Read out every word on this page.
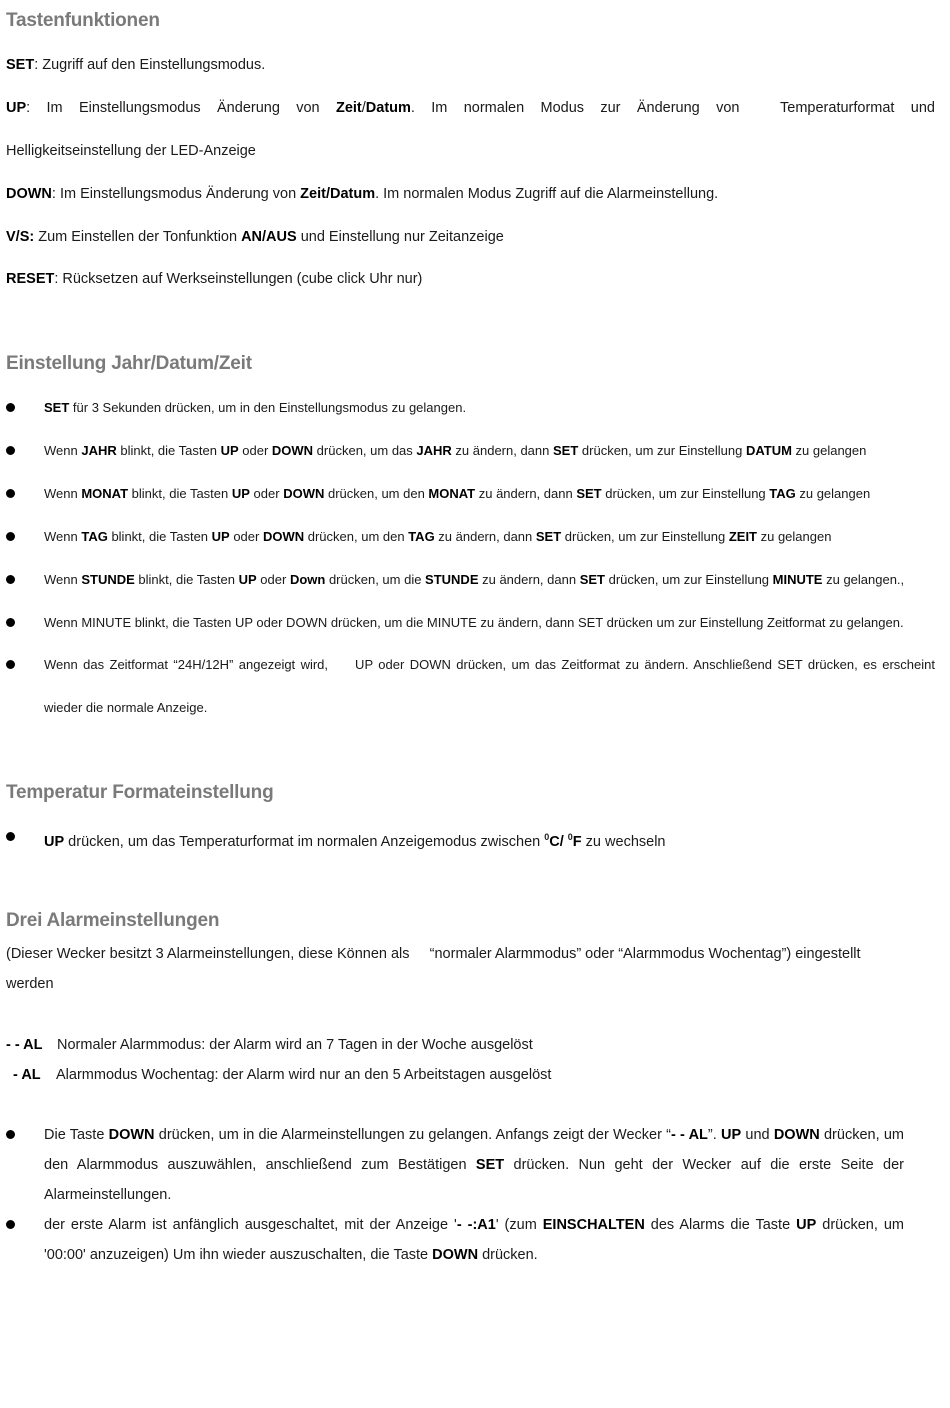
Tastenfunktionen
SET: Zugriff auf den Einstellungsmodus.
UP:  Im  Einstellungsmodus  Änderung  von  Zeit/Datum.  Im  normalen  Modus  zur  Änderung  von     Temperaturformat  und
Helligkeitseinstellung der LED-Anzeige
DOWN: Im Einstellungsmodus Änderung von Zeit/Datum. Im normalen Modus Zugriff auf die Alarmeinstellung.
V/S: Zum Einstellen der Tonfunktion AN/AUS und Einstellung nur Zeitanzeige
RESET: Rücksetzen auf Werkseinstellungen (cube click Uhr nur)
Einstellung Jahr/Datum/Zeit
SET für 3 Sekunden drücken, um in den Einstellungsmodus zu gelangen.
Wenn JAHR blinkt, die Tasten UP oder DOWN drücken, um das JAHR zu ändern, dann SET drücken, um zur Einstellung DATUM zu gelangen
Wenn MONAT blinkt, die Tasten UP oder DOWN drücken, um den MONAT zu ändern, dann SET drücken, um zur Einstellung TAG zu gelangen
Wenn TAG blinkt, die Tasten UP oder DOWN drücken, um den TAG zu ändern, dann SET drücken, um zur Einstellung ZEIT zu gelangen
Wenn STUNDE blinkt, die Tasten UP oder Down drücken, um die STUNDE zu ändern, dann SET drücken, um zur Einstellung MINUTE zu gelangen.,
Wenn MINUTE blinkt, die Tasten UP oder DOWN drücken, um die MINUTE zu ändern, dann SET drücken um zur Einstellung Zeitformat zu gelangen.
Wenn das Zeitformat “24H/12H” angezeigt wird,     UP oder DOWN drücken, um das Zeitformat zu ändern. Anschließend SET drücken, es erscheint
wieder die normale Anzeige.
Temperatur Formateinstellung
UP drücken, um das Temperaturformat im normalen Anzeigemodus zwischen $^0$C/ $^0$F zu wechseln
Drei Alarmeinstellungen
(Dieser Wecker besitzt 3 Alarmeinstellungen, diese Können als     “normaler Alarmmodus” oder “Alarmmodus Wochentag”) eingestellt
werden
- - AL Normaler Alarmmodus: der Alarm wird an 7 Tagen in der Woche ausgelöst
- AL Alarmmodus Wochentag: der Alarm wird nur an den 5 Arbeitstagen ausgelöst
Die Taste DOWN drücken, um in die Alarmeinstellungen zu gelangen. Anfangs zeigt der Wecker “- - AL”. UP und DOWN drücken, um den Alarmmodus auszuwählen, anschließend zum Bestätigen SET drücken. Nun geht der Wecker auf die erste Seite der Alarmeinstellungen.
der erste Alarm ist anfänglich ausgeschaltet, mit der Anzeige '- -:A1' (zum EINSCHALTEN des Alarms die Taste UP drücken, um '00:00' anzuzeigen) Um ihn wieder auszuschalten, die Taste DOWN drücken.
